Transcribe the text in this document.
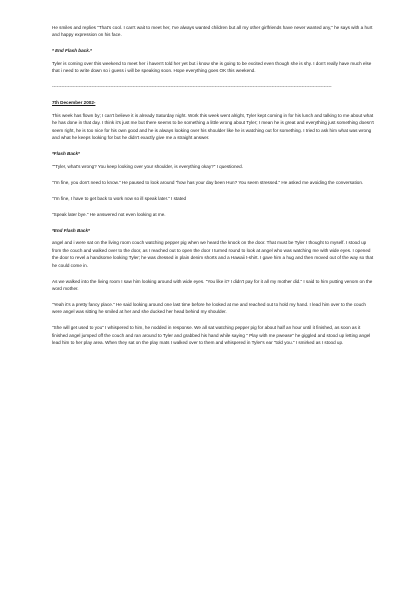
He smiles and replies "That's cool. I can't wait to meet her, I've always wanted children but all my other girlfriends have never wanted any," he says with a hurt and happy expression on his face.

* End Flash back.*

Tyler is coming over this weekend to meet her i haven't told her yet but i know she is going to be excited even though she is shy. I don't really have much else that i need to write down so i guess i will be speaking soon. Hope everything goes OK this weekend.

---------------------------------------------------------------------------------------------------------------------------------------------------------------------------------

7th December 2002-

This week has flown by; I can't believe it is already Saturday night. Work this week went alright, Tyler kept coming in for his lunch and talking to me about what he has done in that day. I think it's just me but there seems to be something a little wrong about Tyler; I mean he is great and everything just something doesn't seem right, he is too nice for his own good and he is always looking over his shoulder like he is watching out for something. I tried to ask him what was wrong and what he keeps looking for but he didn't exactly give me a straight answer.

*Flash Back*

""Tyler, what's wrong? You keep looking over your shoulder, is everything okay?" I questioned.

"I'm fine, you don't need to know." He paused to look around "how has your day been Hun? You seem stressed." He asked me avoiding the conversation.

"I'm fine, I have to get back to work now so ill speak later." I stated

"Speak later bye." He answered not even looking at me.

*End Flash Back*

angel and i were sat on the living room couch watching pepper pig when we heard the knock on the door. That must be Tyler I thought to myself. I stood up from the couch and walked over to the door, as I reached out to open the door I turned round to look at angel who was watching me with wide eyes. I opened the door to revel a handsome looking Tyler; he was dressed in plain denim shorts and a Hawaii t-shirt. I gave him a hug and then moved out of the way so that he could come in.

As we walked into the living room I saw him looking around with wide eyes. "You like it? I didn't pay for it all my mother did." I said to him putting venom on the word mother.

"Yeah it's a pretty fancy place." He said looking around one last time before he looked at me and reached out to hold my hand. I lead him over to the couch were angel was sitting he smiled at her and she ducked her head behind my shoulder.

"She will get used to you" I whispered to him, he nodded in response. We all sat watching pepper pig for about half an hour until it finished, as soon as it finished angel jumped off the couch and ran around to Tyler and grabbed his hand while saying " Play with me pwease" he giggled and stood up letting angel lead him to her play area. When they sat on the play mats I walked over to them and whispered in Tyler's ear "told you." I smirked as I stood up.
